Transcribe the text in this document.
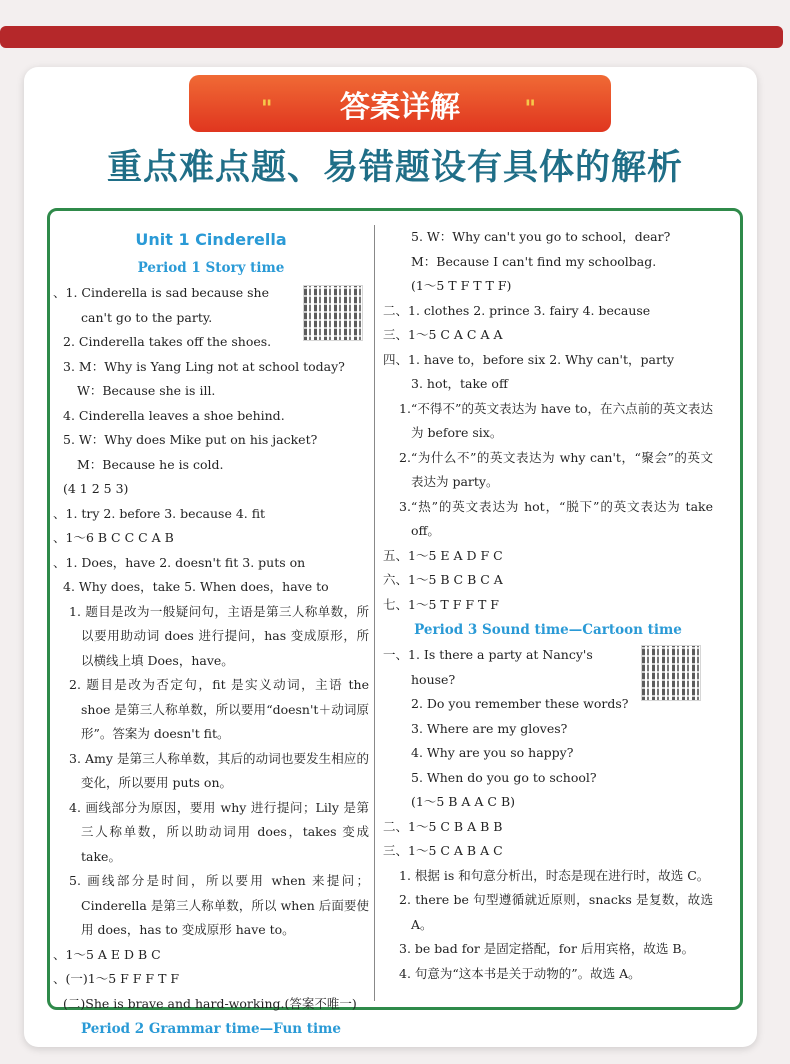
" 答案详解	"
重点难点题、易错题设有具体的解析
Unit 1 Cinderella
Period 1 Story time
、1. Cinderella is sad because she
can't go to the party.
2. Cinderella takes off the shoes.
3. M：Why is Yang Ling not at school today?
W：Because she is ill.
4. Cinderella leaves a shoe behind.
5. W：Why does Mike put on his jacket?
M：Because he is cold.
(4 1 2 5 3)
、1. try 2. before 3. because 4. fit
、1～6 B C C C A B
、1. Does，have 2. doesn't fit 3. puts on
4. Why does，take 5. When does，have to
1. 题目是改为一般疑问句，主语是第三人称单数，所以要用助动词 does 进行提问，has 变成原形，所以横线上填 Does，have。
2. 题目是改为否定句，fit 是实义动词，主语 the shoe 是第三人称单数，所以要用“doesn't＋动词原形”。答案为 doesn't fit。
3. Amy 是第三人称单数，其后的动词也要发生相应的变化，所以要用 puts on。
4. 画线部分为原因，要用 why 进行提问；Lily 是第三人称单数，所以助动词用 does，takes 变成 take。
5. 画线部分是时间，所以要用 when 来提问；Cinderella 是第三人称单数，所以 when 后面要使用 does，has to 变成原形 have to。
、1～5 A E D B C
、(一)1～5 F F F T F
(二)She is brave and hard-working.(答案不唯一)
Period 2 Grammar time—Fun time
5. W：Why can't you go to school，dear?
M：Because I can't find my schoolbag.
(1～5 T F T T F)
二、1. clothes 2. prince 3. fairy 4. because
三、1～5 C A C A A
四、1. have to，before six 2. Why can't，party
3. hot，take off
1.“不得不”的英文表达为 have to，在六点前的英文表达为 before six。
2.“为什么不”的英文表达为 why can't，“聚会”的英文表达为 party。
3.“热”的英文表达为 hot，“脱下”的英文表达为 take off。
五、1～5 E A D F C
六、1～5 B C B C A
七、1～5 T F F T F
Period 3 Sound time—Cartoon time
一、1. Is there a party at Nancy's
house?
2. Do you remember these words?
3. Where are my gloves?
4. Why are you so happy?
5. When do you go to school?
(1～5 B A A C B)
二、1～5 C B A B B
三、1～5 C A B A C
1. 根据 is 和句意分析出，时态是现在进行时，故选 C。
2. there be 句型遵循就近原则，snacks 是复数，故选 A。
3. be bad for 是固定搭配，for 后用宾格，故选 B。
4. 句意为“这本书是关于动物的”。故选 A。
